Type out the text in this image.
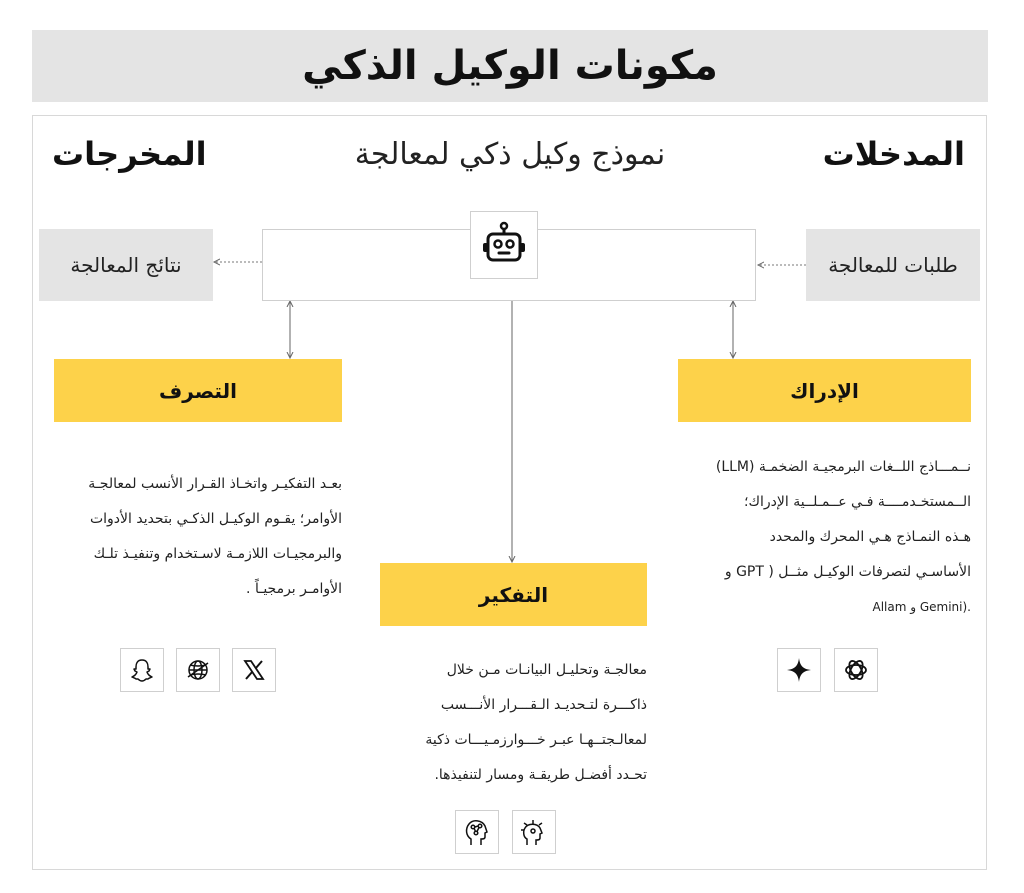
مكونات الوكيل الذكي
المدخلات
نموذج وكيل ذكي لمعالجة
المخرجات
طلبات للمعالجة
نتائج المعالجة
الإدراك
نــمـــاذج اللــغات البرمجيـة الضخمـة (LLM)
الــمستخـدمــــة فـي عــمـلــية الإدراك؛
هـذه النمـاذج هـي المحرك والمحدد
الأساسـي لتصرفات الوكيـل مثــل ( GPT و
Allam و Gemini).
التفكير
معالجـة وتحليـل البيانـات مـن خلال
ذاكـــرة لتـحديـد الـقـــرار الأنـــسب
لمعالـجتــهـا عبـر خـــوارزمـيـــات ذكية
تحـدد أفضـل طريقـة ومسار لتنفيذها.
التصرف
بعـد التفكيـر واتخـاذ القـرار الأنسب لمعالجـة
الأوامر؛ يقـوم الوكيـل الذكـي بتحديد الأدوات
والبرمجيـات اللازمـة لاسـتخدام وتنفيـذ تلـك
الأوامـر برمجيـاً .
